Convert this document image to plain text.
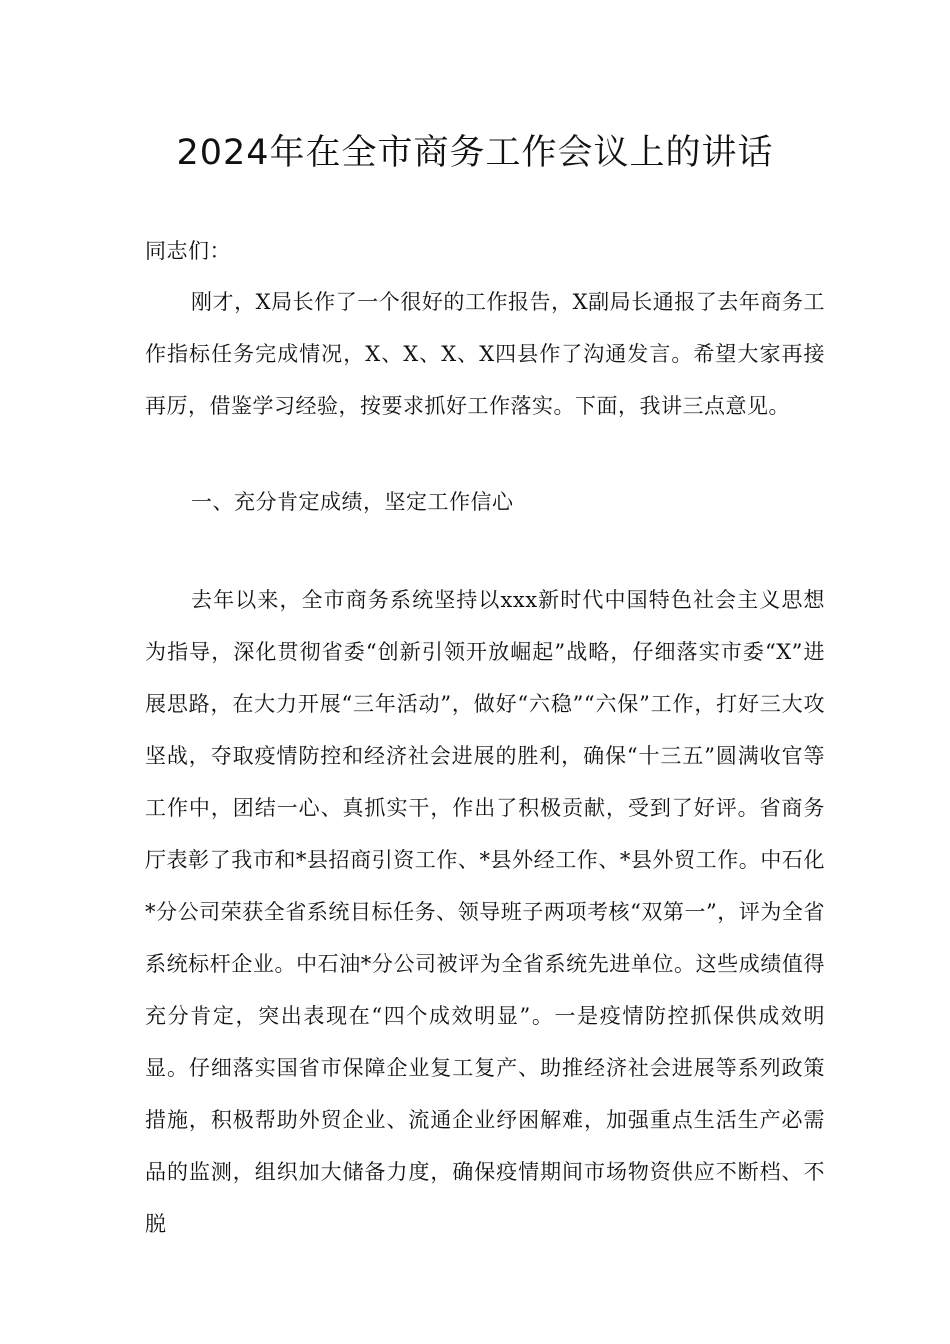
2024年在全市商务工作会议上的讲话

同志们：

刚才，X局长作了一个很好的工作报告，X副局长通报了去年商务工作指标任务完成情况，X、X、X、X四县作了沟通发言。希望大家再接再厉，借鉴学习经验，按要求抓好工作落实。下面，我讲三点意见。

一、充分肯定成绩，坚定工作信心

去年以来，全市商务系统坚持以xxx新时代中国特色社会主义思想为指导，深化贯彻省委“创新引领开放崛起”战略，仔细落实市委“X”进展思路，在大力开展“三年活动”，做好“六稳”“六保”工作，打好三大攻坚战，夺取疫情防控和经济社会进展的胜利，确保“十三五”圆满收官等工作中，团结一心、真抓实干，作出了积极贡献，受到了好评。省商务厅表彰了我市和*县招商引资工作、*县外经工作、*县外贸工作。中石化*分公司荣获全省系统目标任务、领导班子两项考核“双第一”，评为全省系统标杆企业。中石油*分公司被评为全省系统先进单位。这些成绩值得充分肯定，突出表现在“四个成效明显”。一是疫情防控抓保供成效明显。仔细落实国省市保障企业复工复产、助推经济社会进展等系列政策措施，积极帮助外贸企业、流通企业纾困解难，加强重点生活生产必需品的监测，组织加大储备力度，确保疫情期间市场物资供应不断档、不脱
